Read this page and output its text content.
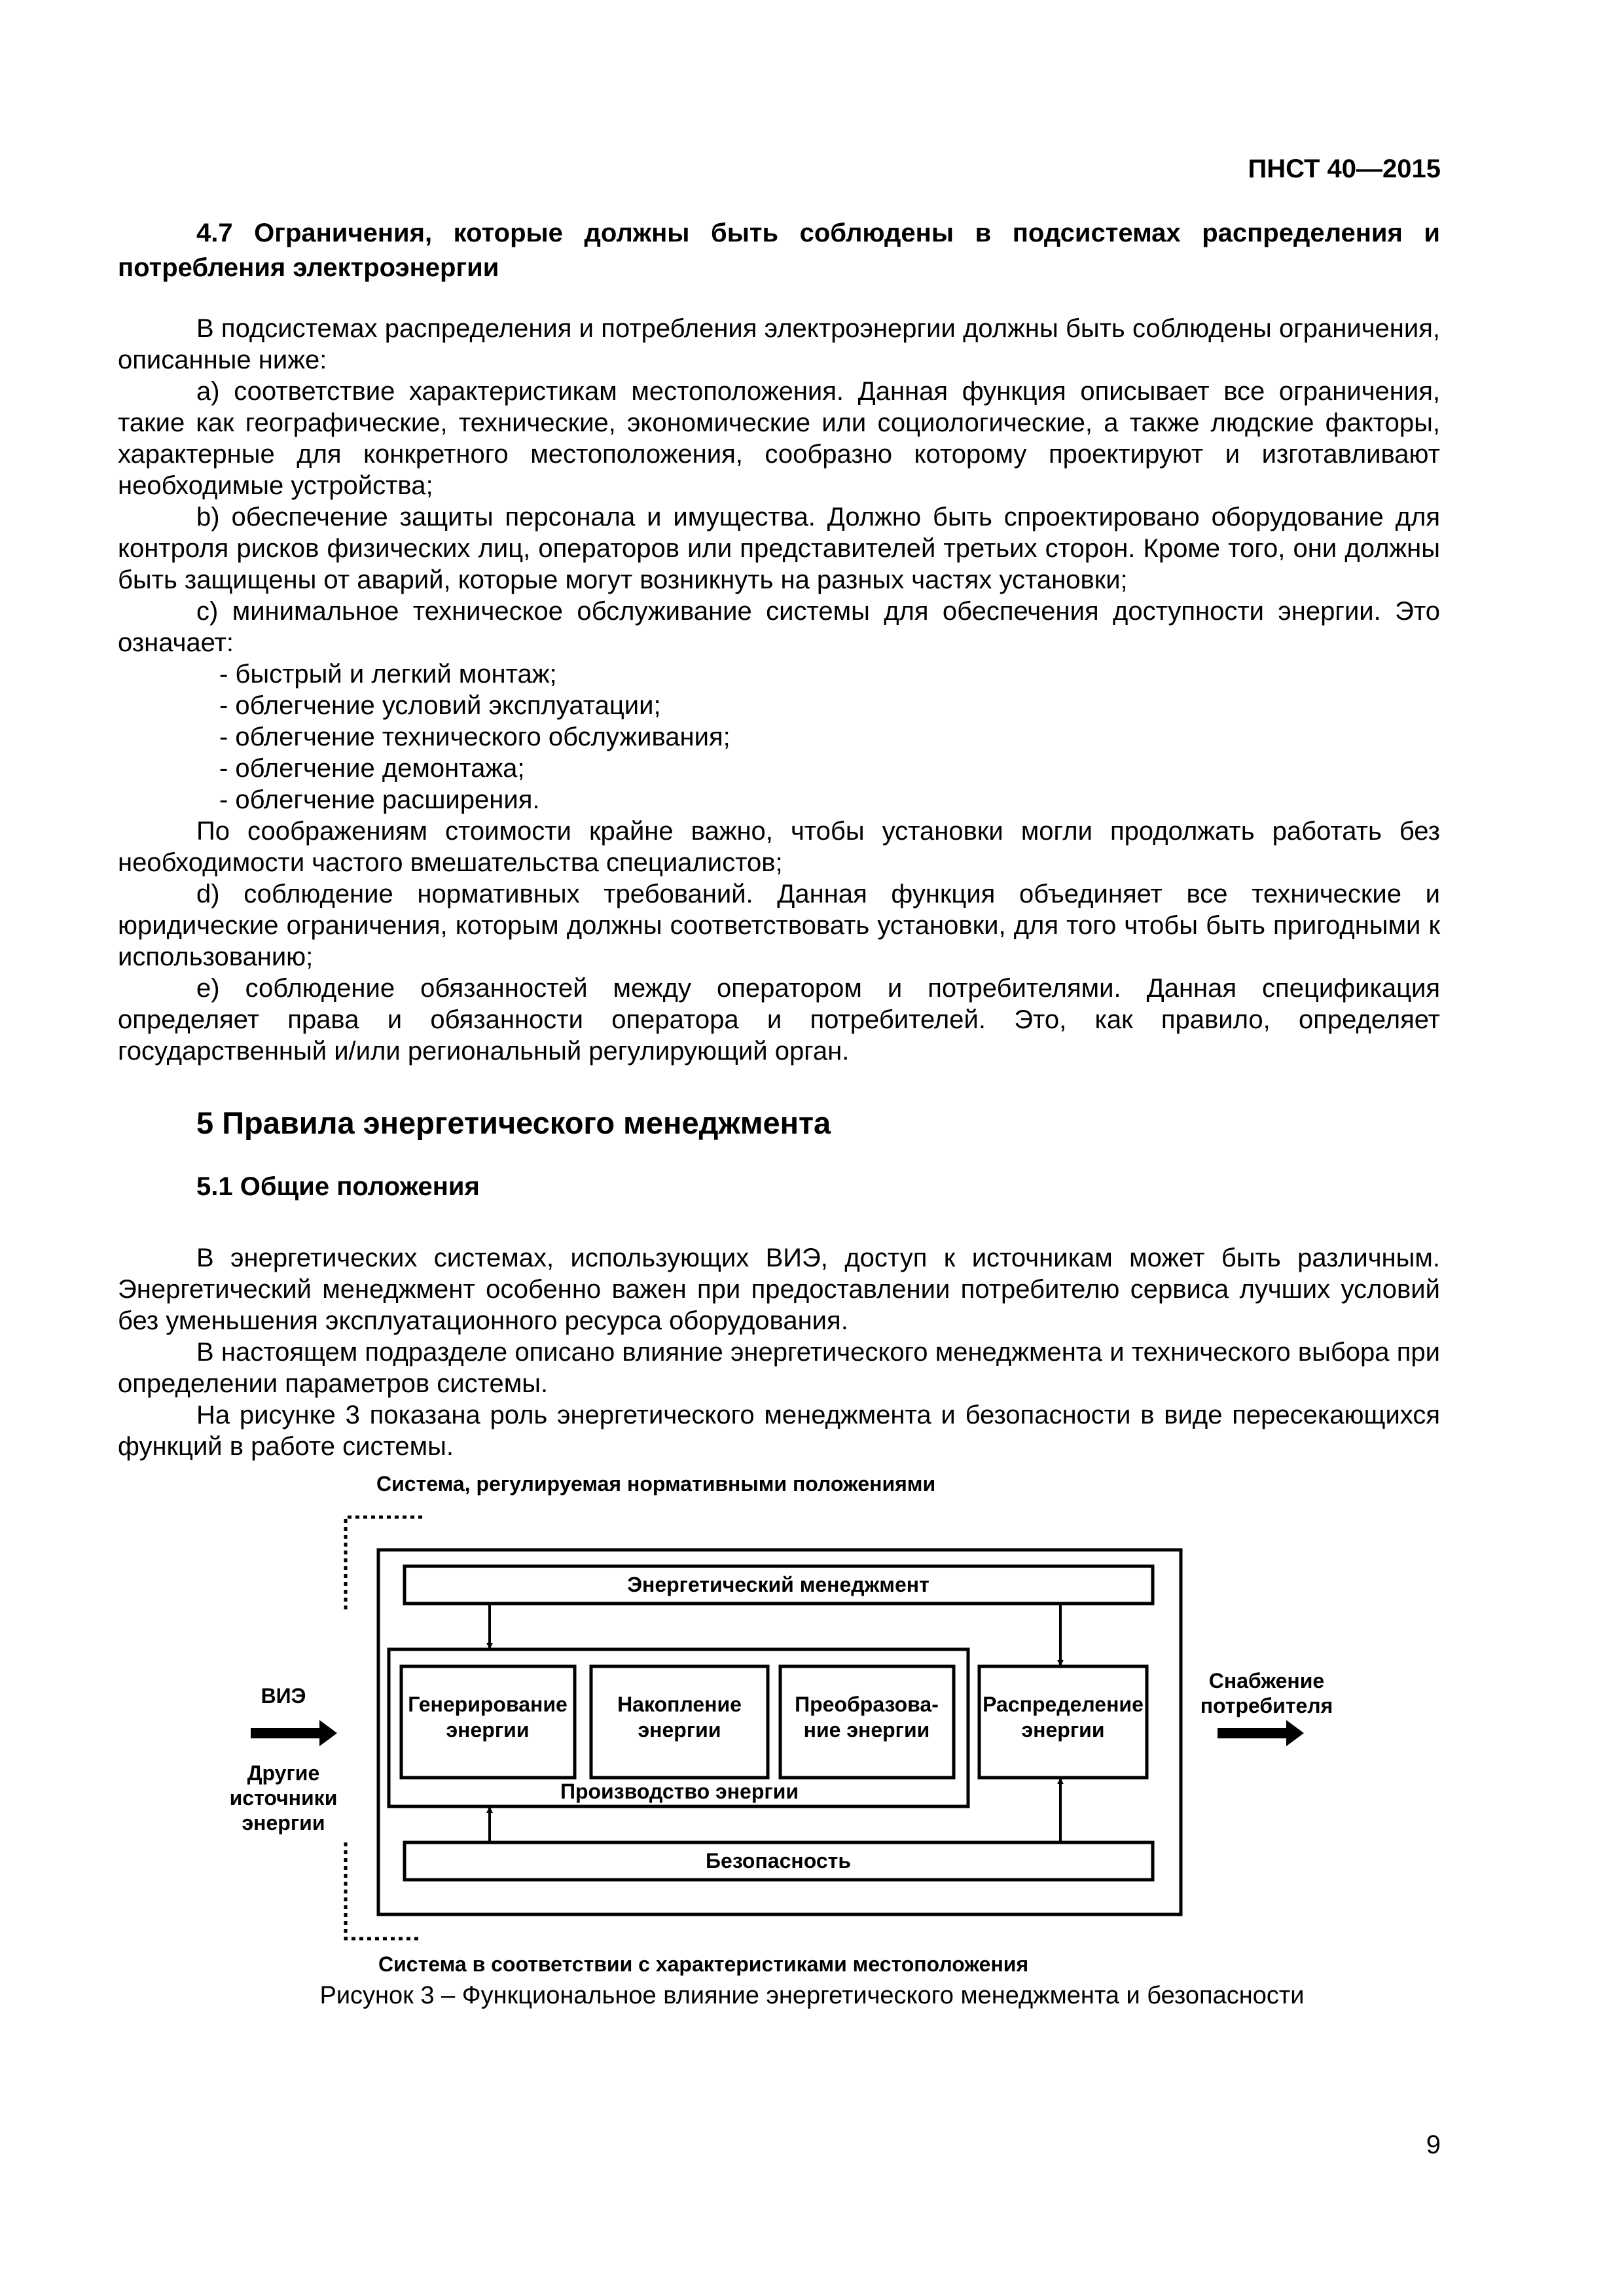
ПНСТ 40—2015

4.7 Ограничения, которые должны быть соблюдены в подсистемах распределения и потребления электроэнергии

В подсистемах распределения и потребления электроэнергии должны быть соблюдены ограничения, описанные ниже:

a) соответствие характеристикам местоположения. Данная функция описывает все ограничения, такие как географические, технические, экономические или социологические, а также людские факторы, характерные для конкретного местоположения, сообразно которому проектируют и изготавливают необходимые устройства;

b) обеспечение защиты персонала и имущества. Должно быть спроектировано оборудование для контроля рисков физических лиц, операторов или представителей третьих сторон. Кроме того, они должны быть защищены от аварий, которые могут возникнуть на разных частях установки;

c) минимальное техническое обслуживание системы для обеспечения доступности энергии. Это означает:

- быстрый и легкий монтаж;

- облегчение условий эксплуатации;

- облегчение технического обслуживания;

- облегчение демонтажа;

- облегчение расширения.

По соображениям стоимости крайне важно, чтобы установки могли продолжать работать без необходимости частого вмешательства специалистов;

d) соблюдение нормативных требований. Данная функция объединяет все технические и юридические ограничения, которым должны соответствовать установки, для того чтобы быть пригодными к использованию;

e) соблюдение обязанностей между оператором и потребителями. Данная спецификация определяет права и обязанности оператора и потребителей. Это, как правило, определяет государственный и/или региональный регулирующий орган.

5 Правила энергетического менеджмента

5.1 Общие положения

В энергетических системах, использующих ВИЭ, доступ к источникам может быть различным. Энергетический менеджмент особенно важен при предоставлении потребителю сервиса лучших условий без уменьшения эксплуатационного ресурса оборудования.

В настоящем подразделе описано влияние энергетического менеджмента и технического выбора при определении параметров системы.

На рисунке 3 показана роль энергетического менеджмента и безопасности в виде пересекающихся функций в работе системы.

Система, регулируемая нормативными положениями
Система в соответствии с характеристиками местоположения
Энергетический менеджмент
Производство энергии
Генерирование
энергии
Накопление
энергии
Преобразова-
ние энергии
Распределение
энергии
Безопасность
ВИЭ
Другие
источники
энергии
Снабжение
потребителя
Рисунок 3 – Функциональное влияние энергетического менеджмента и безопасности
9
